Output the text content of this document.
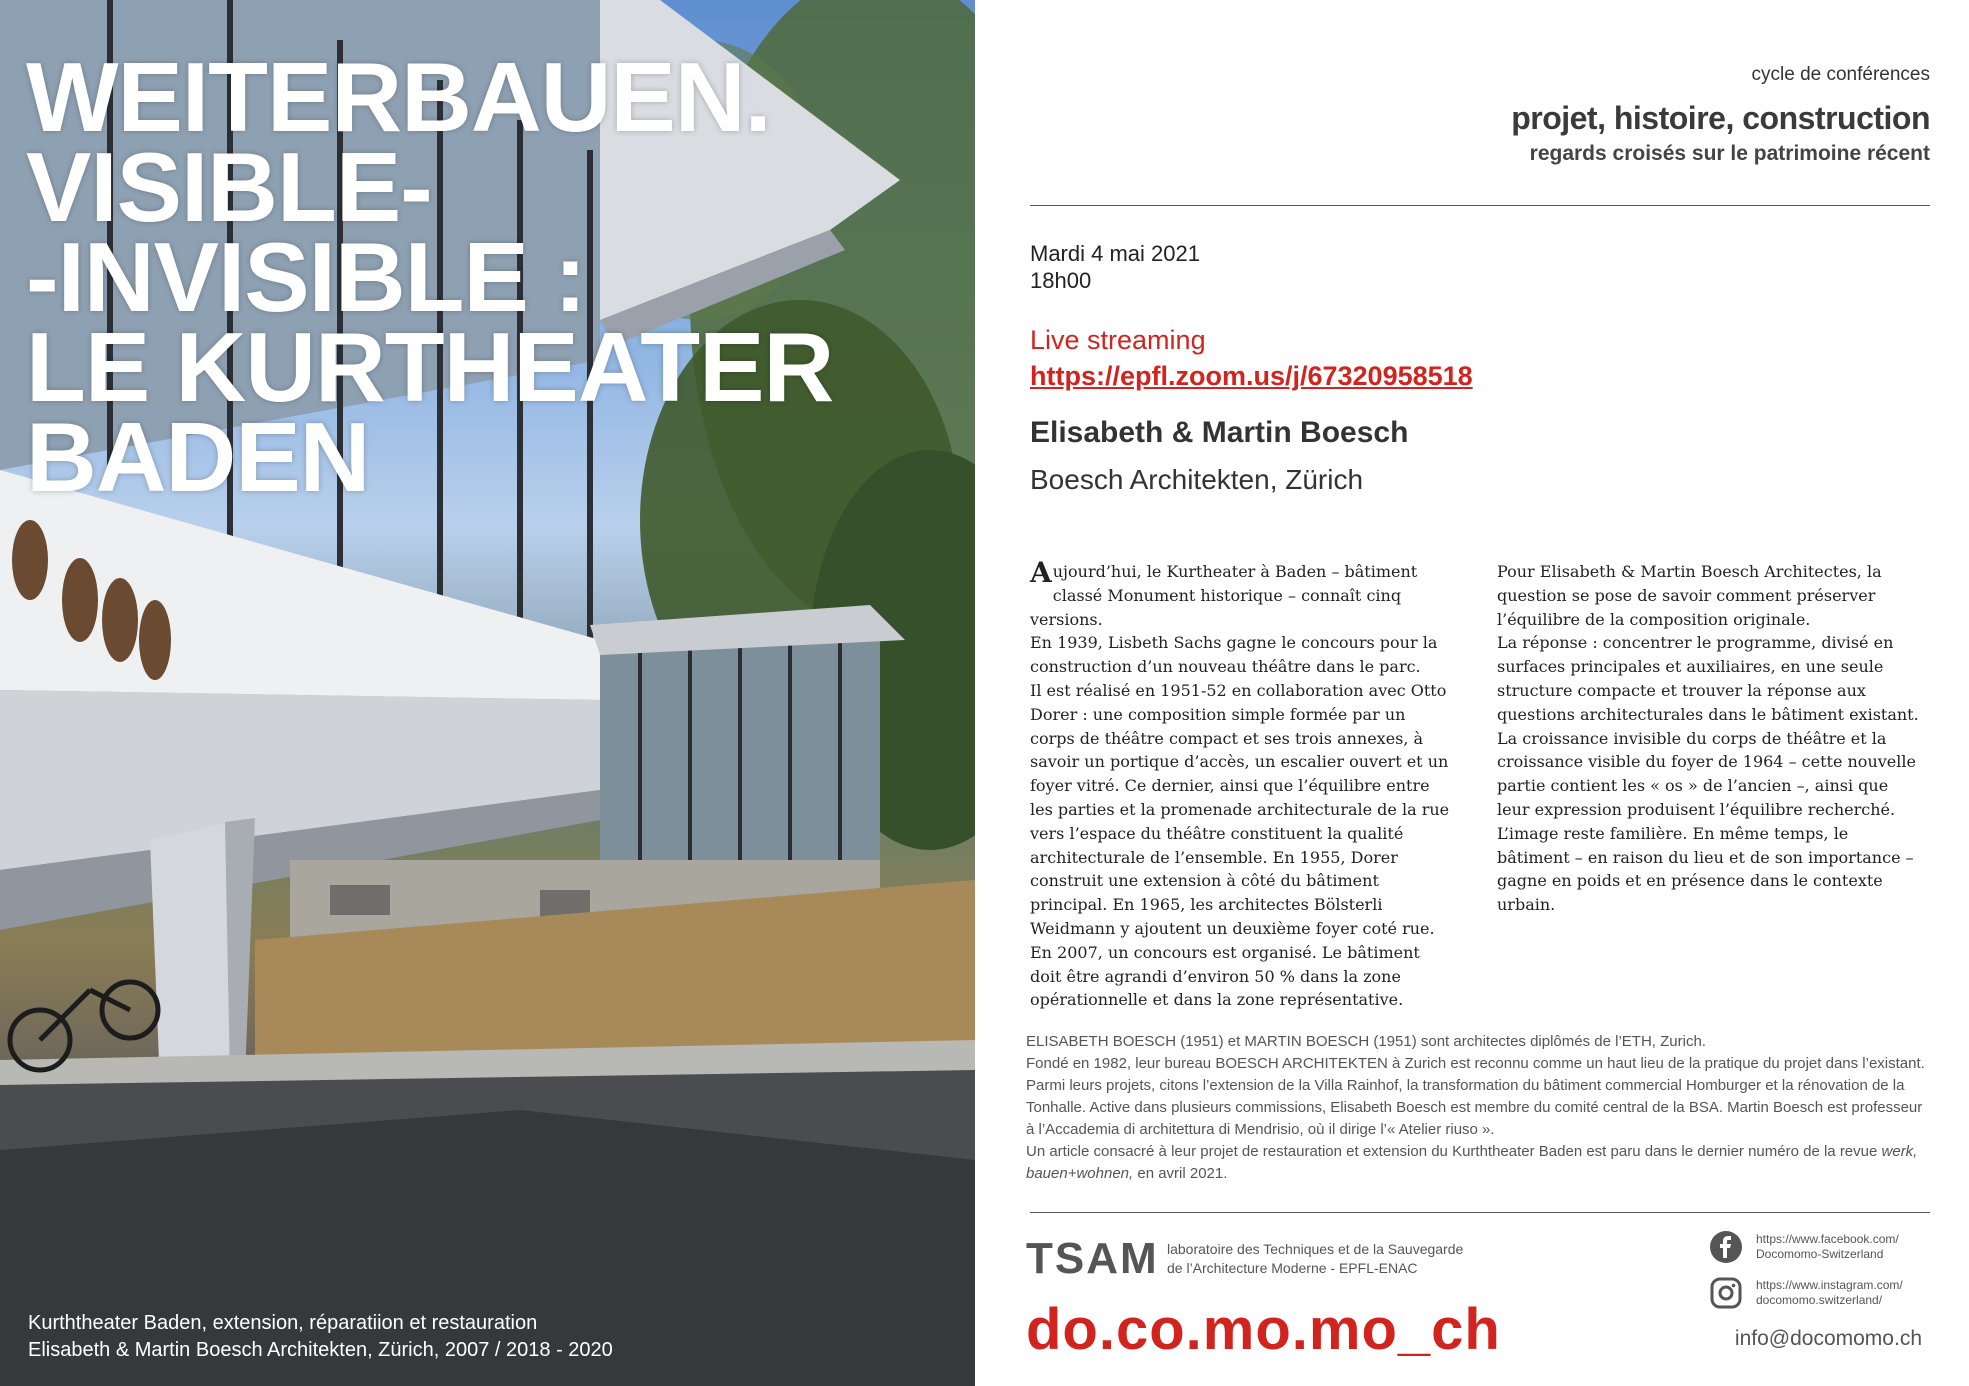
WEITERBAUEN.
VISIBLE-
-INVISIBLE :
LE KURTHEATER
BADEN
Kurththeater Baden, extension, réparatiion et restauration
Elisabeth & Martin Boesch Architekten, Zürich, 2007 / 2018 - 2020
cycle de conférences
projet, histoire, construction
regards croisés sur le patrimoine récent
Mardi 4 mai 2021
18h00
Live streaming
https://epfl.zoom.us/j/67320958518
Elisabeth & Martin Boesch
Boesch Architekten, Zürich

Aujourd’hui, le Kurtheater à Baden – bâtiment classé Monument historique – connaît cinq versions.

En 1939, Lisbeth Sachs gagne le concours pour la construction d’un nouveau théâtre dans le parc.

Il est réalisé en 1951-52 en collaboration avec Otto Dorer : une composition simple formée par un corps de théâtre compact et ses trois annexes, à savoir un portique d’accès, un escalier ouvert et un foyer vitré. Ce dernier, ainsi que l’équilibre entre les parties et la promenade architecturale de la rue vers l’espace du théâtre constituent la qualité architecturale de l’ensemble. En 1955, Dorer construit une extension à côté du bâtiment principal. En 1965, les architectes Bölsterli Weidmann y ajoutent un deuxième foyer coté rue.

En 2007, un concours est organisé. Le bâtiment doit être agrandi d’environ 50 % dans la zone opérationnelle et dans la zone représentative.

Pour Elisabeth & Martin Boesch Architectes, la question se pose de savoir comment préserver l’équilibre de la composition originale.

La réponse : concentrer le programme, divisé en surfaces principales et auxiliaires, en une seule structure compacte et trouver la réponse aux questions architecturales dans le bâtiment existant.

La croissance invisible du corps de théâtre et la croissance visible du foyer de 1964 – cette nouvelle partie contient les « os » de l’ancien –, ainsi que leur expression produisent l’équilibre recherché.

L’image reste familière. En même temps, le bâtiment – en raison du lieu et de son importance – gagne en poids et en présence dans le contexte urbain.

ELISABETH BOESCH (1951) et MARTIN BOESCH (1951) sont architectes diplômés de l’ETH, Zurich.

Fondé en 1982, leur bureau BOESCH ARCHITEKTEN à Zurich est reconnu comme un haut lieu de la pratique du projet dans l’existant. Parmi leurs projets, citons l’extension de la Villa Rainhof, la transformation du bâtiment commercial Homburger et la rénovation de la Tonhalle. Active dans plusieurs commissions, Elisabeth Boesch est membre du comité central de la BSA. Martin Boesch est professeur à l’Accademia di architettura di Mendrisio, où il dirige l’« Atelier riuso ».

Un article consacré à leur projet de restauration et extension du Kurththeater Baden est paru dans le dernier numéro de la revue werk, bauen+wohnen, en avril 2021.

TSAM laboratoire des Techniques et de la Sauvegarde
de l’Architecture Moderne - EPFL-ENAC
do.co.mo.mo_ch
https://www.facebook.com/
Docomomo-Switzerland
https://www.instagram.com/
docomomo.switzerland/
info@docomomo.ch
